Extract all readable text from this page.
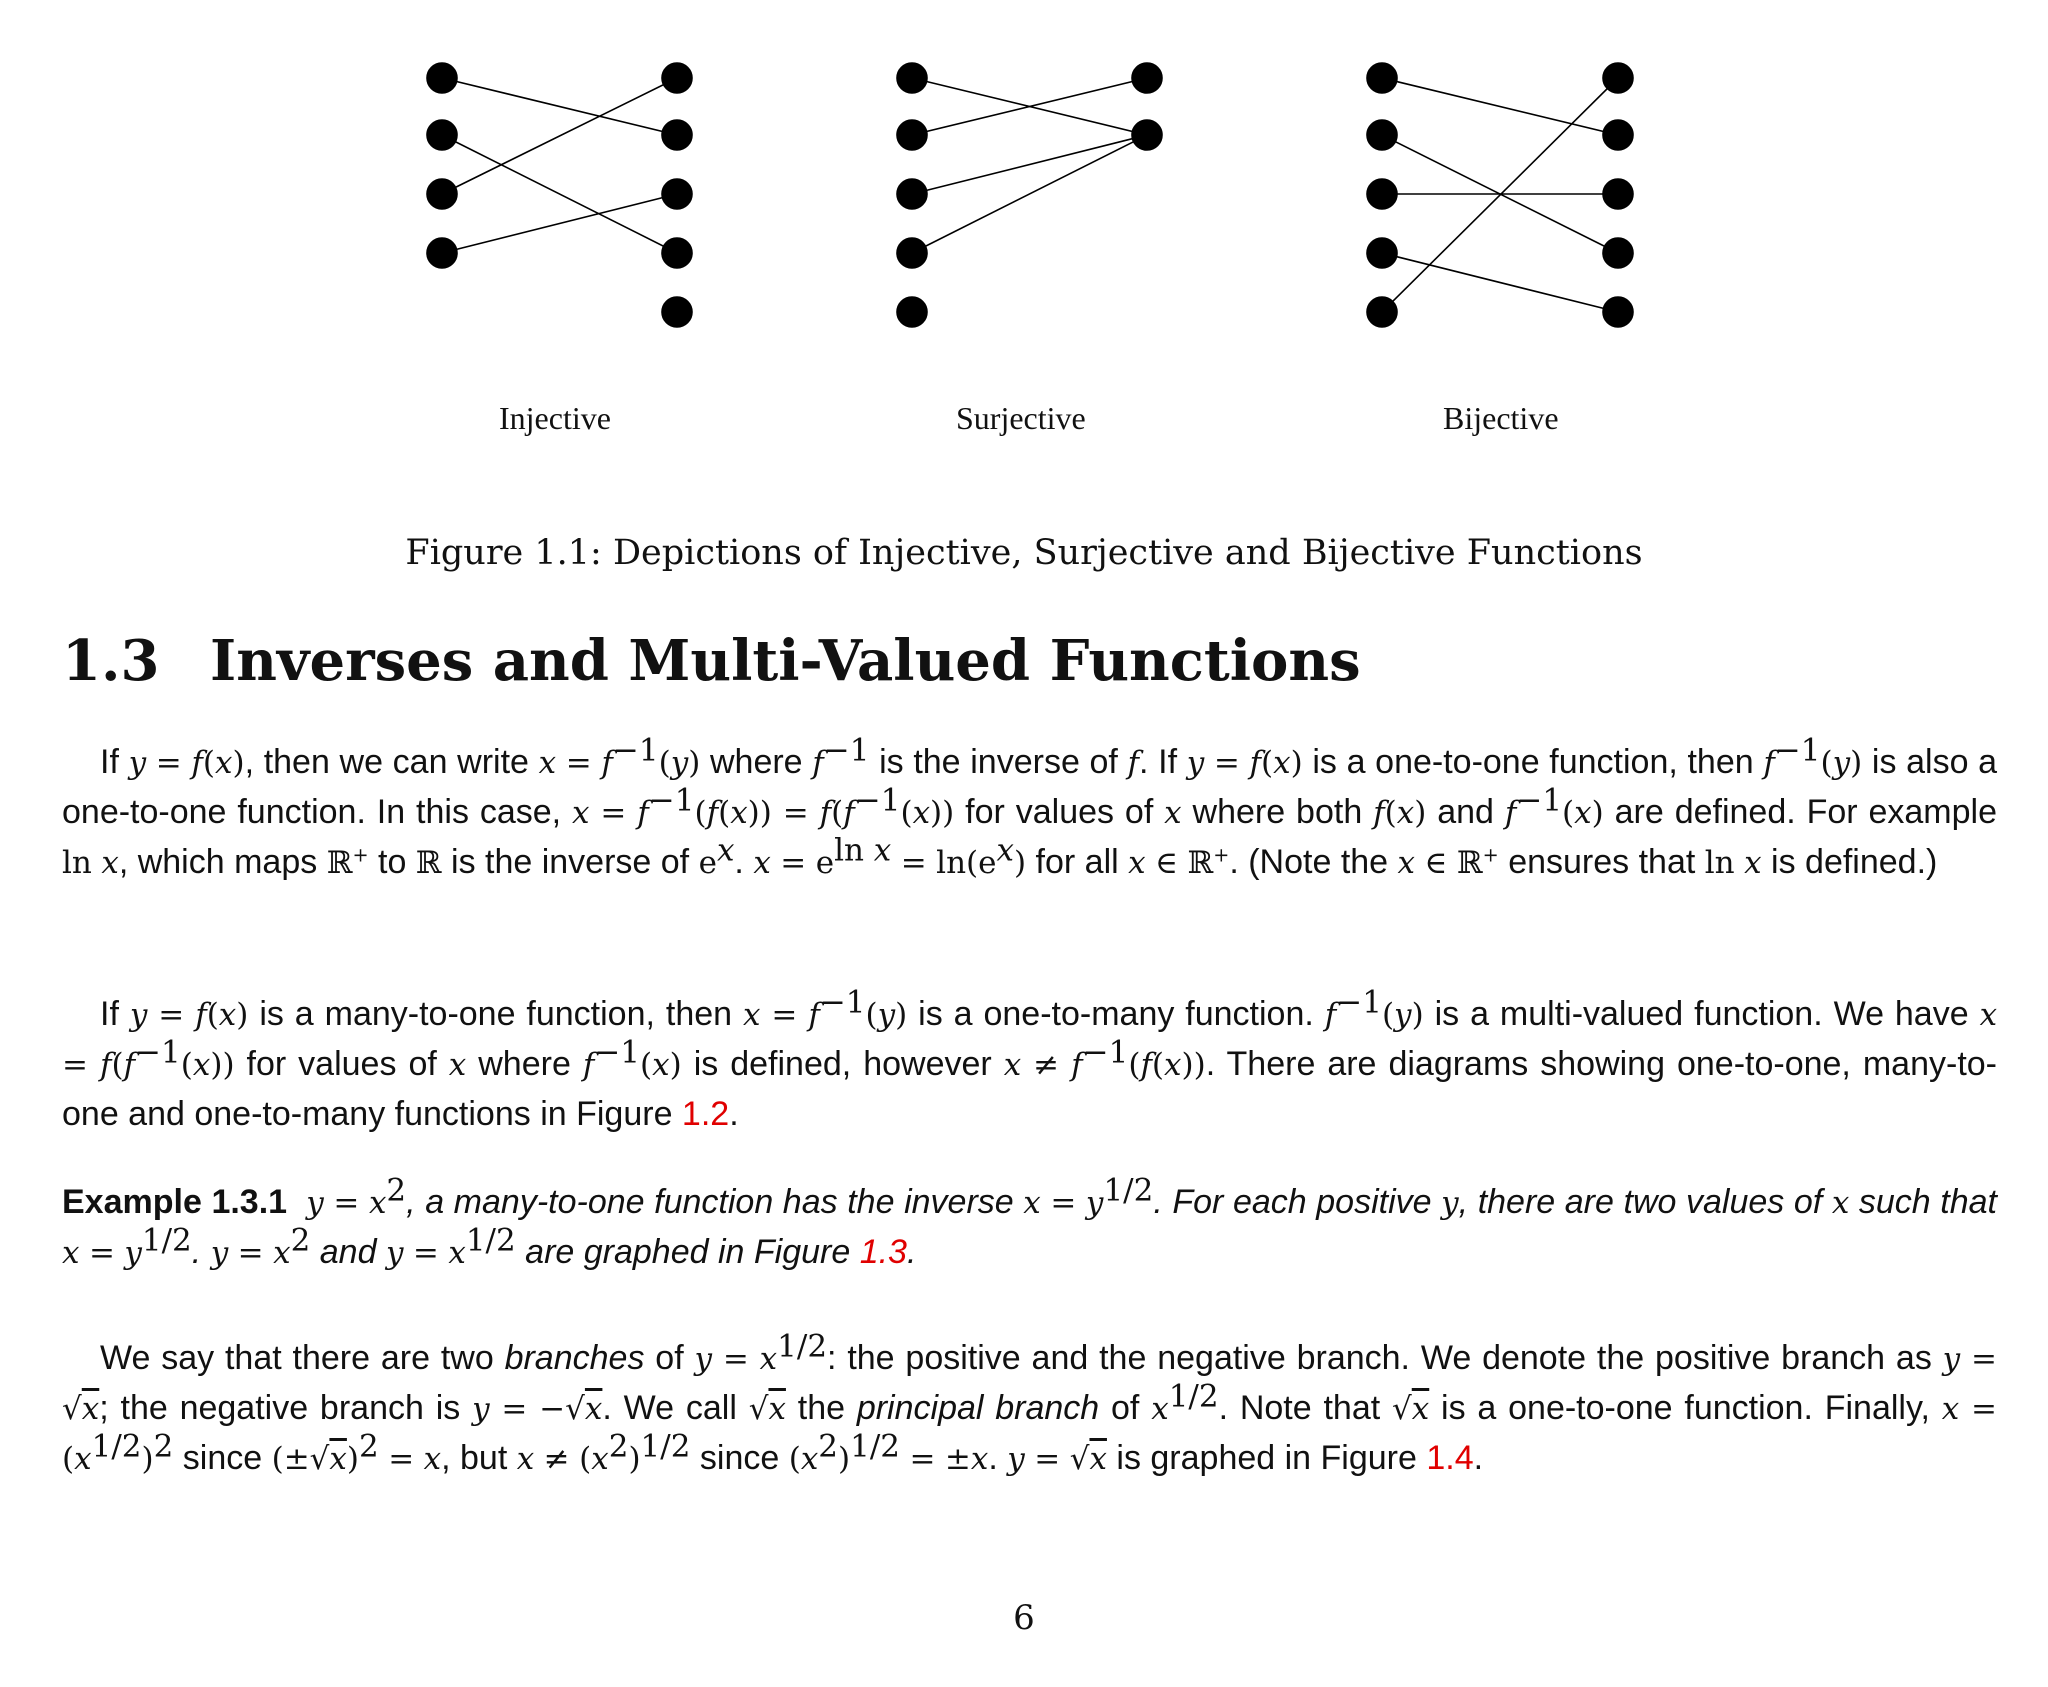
Injective	Surjective	Bijective
Figure 1.1: Depictions of Injective, Surjective and Bijective Functions
1.3 Inverses and Multi-Valued Functions

If y = f(x), then we can write $x = f^{-1}(y)$ where $f^{-1}$ is the inverse of f. If y = f(x) is a one-to-one function, then $f^{-1}(y)$ is also a one-to-one function. In this case, $x = f^{-1}(f(x)) = f(f^{-1}(x))$ for values of x where both f(x) and $f^{-1}(x)$ are defined. For example ln x, which maps ℝ+ to ℝ is the inverse of $e^x$. $x = e^{ln x} = \ln(e^x)$ for all x ∈ ℝ+. (Note the x ∈ ℝ+ ensures that ln x is defined.)

If y = f(x) is a many-to-one function, then $x = f^{-1}(y)$ is a one-to-many function. $f^{-1}(y)$ is a multi-valued function. We have $x = f(f^{-1}(x))$ for values of x where $f^{-1}(x)$ is defined, however $x \ne f^{-1}(f(x))$. There are diagrams showing one-to-one, many-to-one and one-to-many functions in Figure 1.2.

Example 1.3.1 $y = x^2$, a many-to-one function has the inverse $x = y^{1/2}$. For each positive y, there are two values of x such that $x = y^{1/2}$. $y = x^2$ and $y = x^{1/2}$ are graphed in Figure 1.3.

We say that there are two branches of $y = x^{1/2}$: the positive and the negative branch. We denote the positive branch as y = √x; the negative branch is y = −√x. We call √x the principal branch of $x^{1/2}$. Note that √x is a one-to-one function. Finally, $x = (x^{1/2})^2$ since $(\pm√x)^2 = x$, but $x \ne (x^2)^{1/2}$ since $(x^2)^{1/2} = \pm x$. y = √x is graphed in Figure 1.4.

6
